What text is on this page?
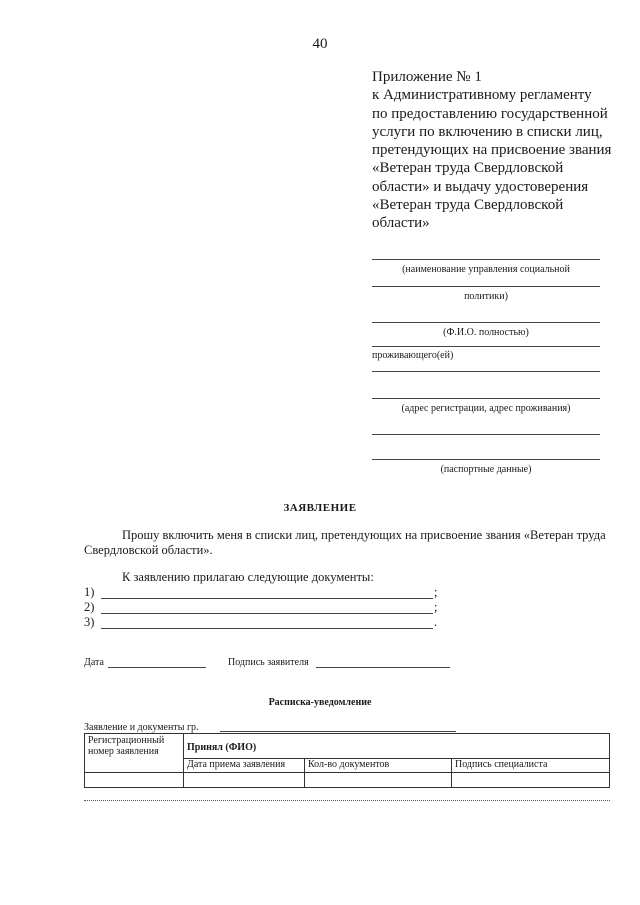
40
Приложение № 1
к Административному регламенту
по предоставлению государственной
услуги по включению в списки лиц,
претендующих на присвоение звания
«Ветеран труда Свердловской
области» и выдачу удостоверения
«Ветеран труда Свердловской
области»
(наименование управления социальной
политики)
(Ф.И.О. полностью)
проживающего(ей)
(адрес регистрации, адрес проживания)
(паспортные данные)
ЗАЯВЛЕНИЕ
Прошу включить меня в списки лиц, претендующих на присвоение звания «Ветеран труда
Свердловской области».
К заявлению прилагаю следующие документы:
1)	;
2)	;
3)	.
Дата	Подпись заявителя
Расписка-уведомление
Заявление и документы гр.
Регистрационный номер заявления	Принял (ФИО)		
	Дата приема заявления	Кол-во документов	Подпись специалиста
